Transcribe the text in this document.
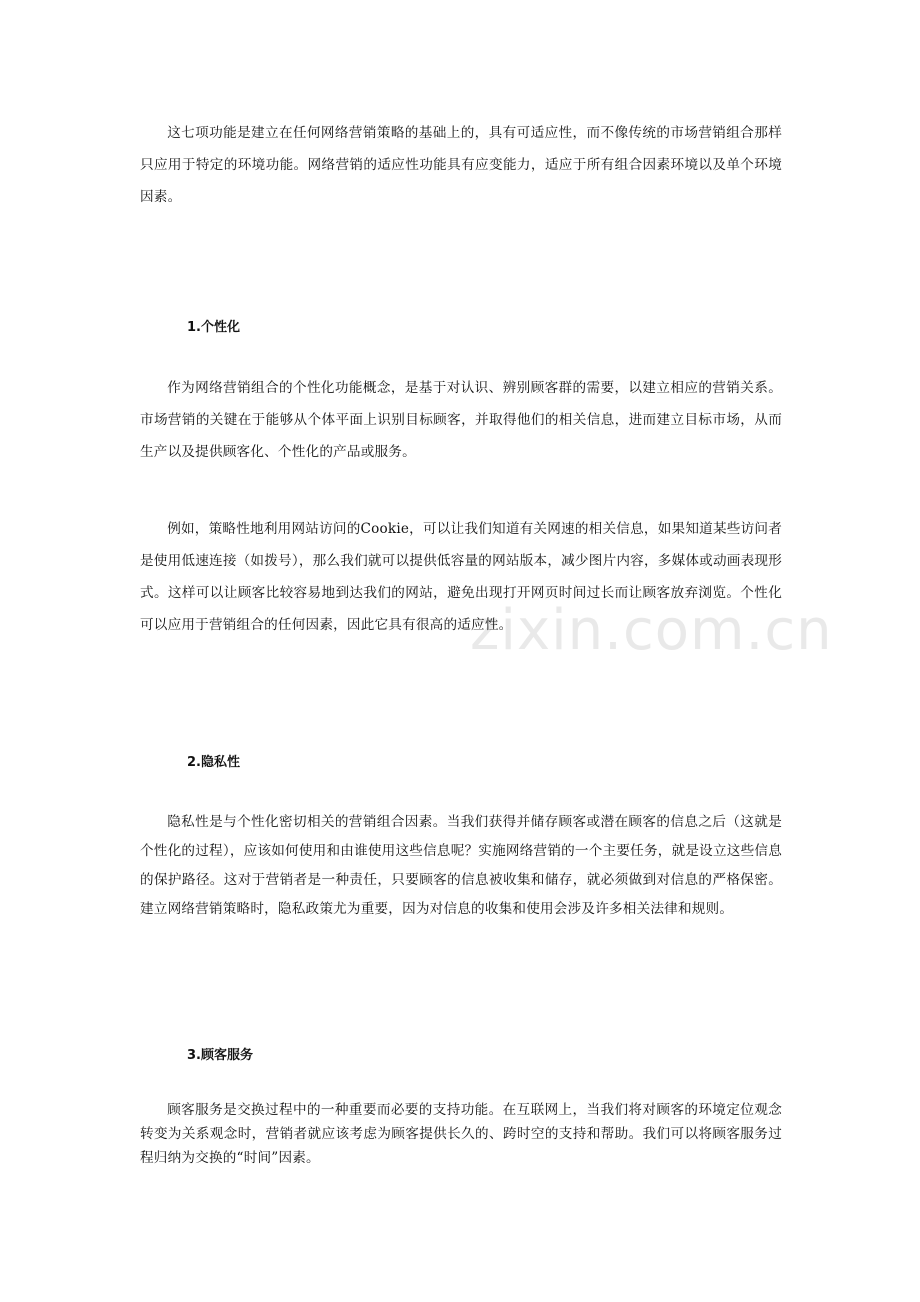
zixin.com.cn

这七项功能是建立在任何网络营销策略的基础上的，具有可适应性，而不像传统的市场营销组合那样只应用于特定的环境功能。网络营销的适应性功能具有应变能力，适应于所有组合因素环境以及单个环境因素。

1.个性化

作为网络营销组合的个性化功能概念，是基于对认识、辨别顾客群的需要，以建立相应的营销关系。市场营销的关键在于能够从个体平面上识别目标顾客，并取得他们的相关信息，进而建立目标市场，从而生产以及提供顾客化、个性化的产品或服务。

例如，策略性地利用网站访问的Cookie，可以让我们知道有关网速的相关信息，如果知道某些访问者是使用低速连接（如拨号），那么我们就可以提供低容量的网站版本，减少图片内容，多媒体或动画表现形式。这样可以让顾客比较容易地到达我们的网站，避免出现打开网页时间过长而让顾客放弃浏览。个性化可以应用于营销组合的任何因素，因此它具有很高的适应性。

2.隐私性

隐私性是与个性化密切相关的营销组合因素。当我们获得并储存顾客或潜在顾客的信息之后（这就是个性化的过程），应该如何使用和由谁使用这些信息呢？实施网络营销的一个主要任务，就是设立这些信息的保护路径。这对于营销者是一种责任，只要顾客的信息被收集和储存，就必须做到对信息的严格保密。建立网络营销策略时，隐私政策尤为重要，因为对信息的收集和使用会涉及许多相关法律和规则。

3.顾客服务

顾客服务是交换过程中的一种重要而必要的支持功能。在互联网上，当我们将对顾客的环境定位观念转变为关系观念时，营销者就应该考虑为顾客提供长久的、跨时空的支持和帮助。我们可以将顾客服务过程归纳为交换的“时间”因素。
